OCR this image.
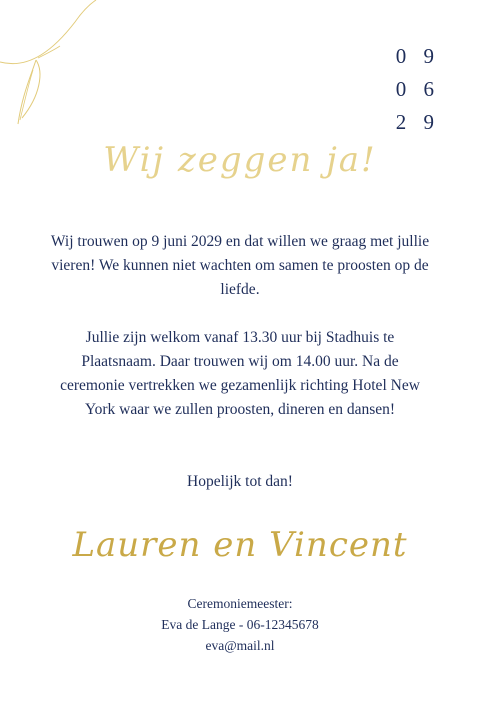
0 9
0 6
2 9
Wij zeggen ja!
Wij trouwen op 9 juni 2029 en dat willen we graag met jullie vieren! We kunnen niet wachten om samen te proosten op de liefde.
Jullie zijn welkom vanaf 13.30 uur bij Stadhuis te Plaatsnaam. Daar trouwen wij om 14.00 uur. Na de ceremonie vertrekken we gezamenlijk richting Hotel New York waar we zullen proosten, dineren en dansen!
Hopelijk tot dan!
Lauren en Vincent
Ceremoniemeester:
Eva de Lange - 06-12345678
eva@mail.nl
